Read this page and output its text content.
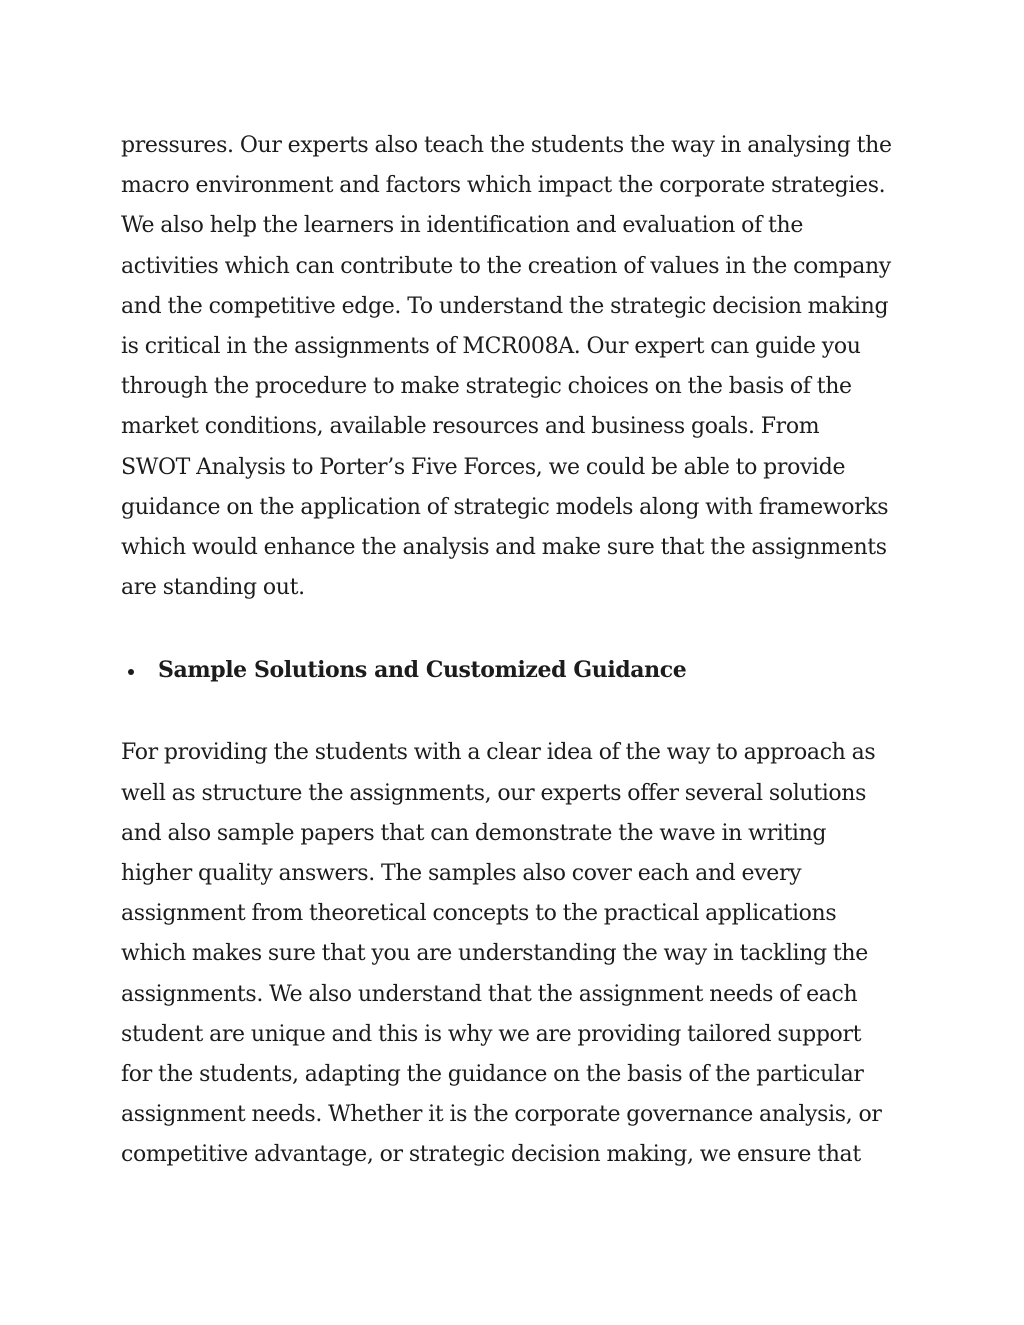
pressures. Our experts also teach the students the way in analysing the
macro environment and factors which impact the corporate strategies.
We also help the learners in identification and evaluation of the
activities which can contribute to the creation of values in the company
and the competitive edge. To understand the strategic decision making
is critical in the assignments of MCR008A. Our expert can guide you
through the procedure to make strategic choices on the basis of the
market conditions, available resources and business goals. From
SWOT Analysis to Porter’s Five Forces, we could be able to provide
guidance on the application of strategic models along with frameworks
which would enhance the analysis and make sure that the assignments
are standing out.

Sample Solutions and Customized Guidance

For providing the students with a clear idea of the way to approach as
well as structure the assignments, our experts offer several solutions
and also sample papers that can demonstrate the wave in writing
higher quality answers. The samples also cover each and every
assignment from theoretical concepts to the practical applications
which makes sure that you are understanding the way in tackling the
assignments. We also understand that the assignment needs of each
student are unique and this is why we are providing tailored support
for the students, adapting the guidance on the basis of the particular
assignment needs. Whether it is the corporate governance analysis, or
competitive advantage, or strategic decision making, we ensure that
